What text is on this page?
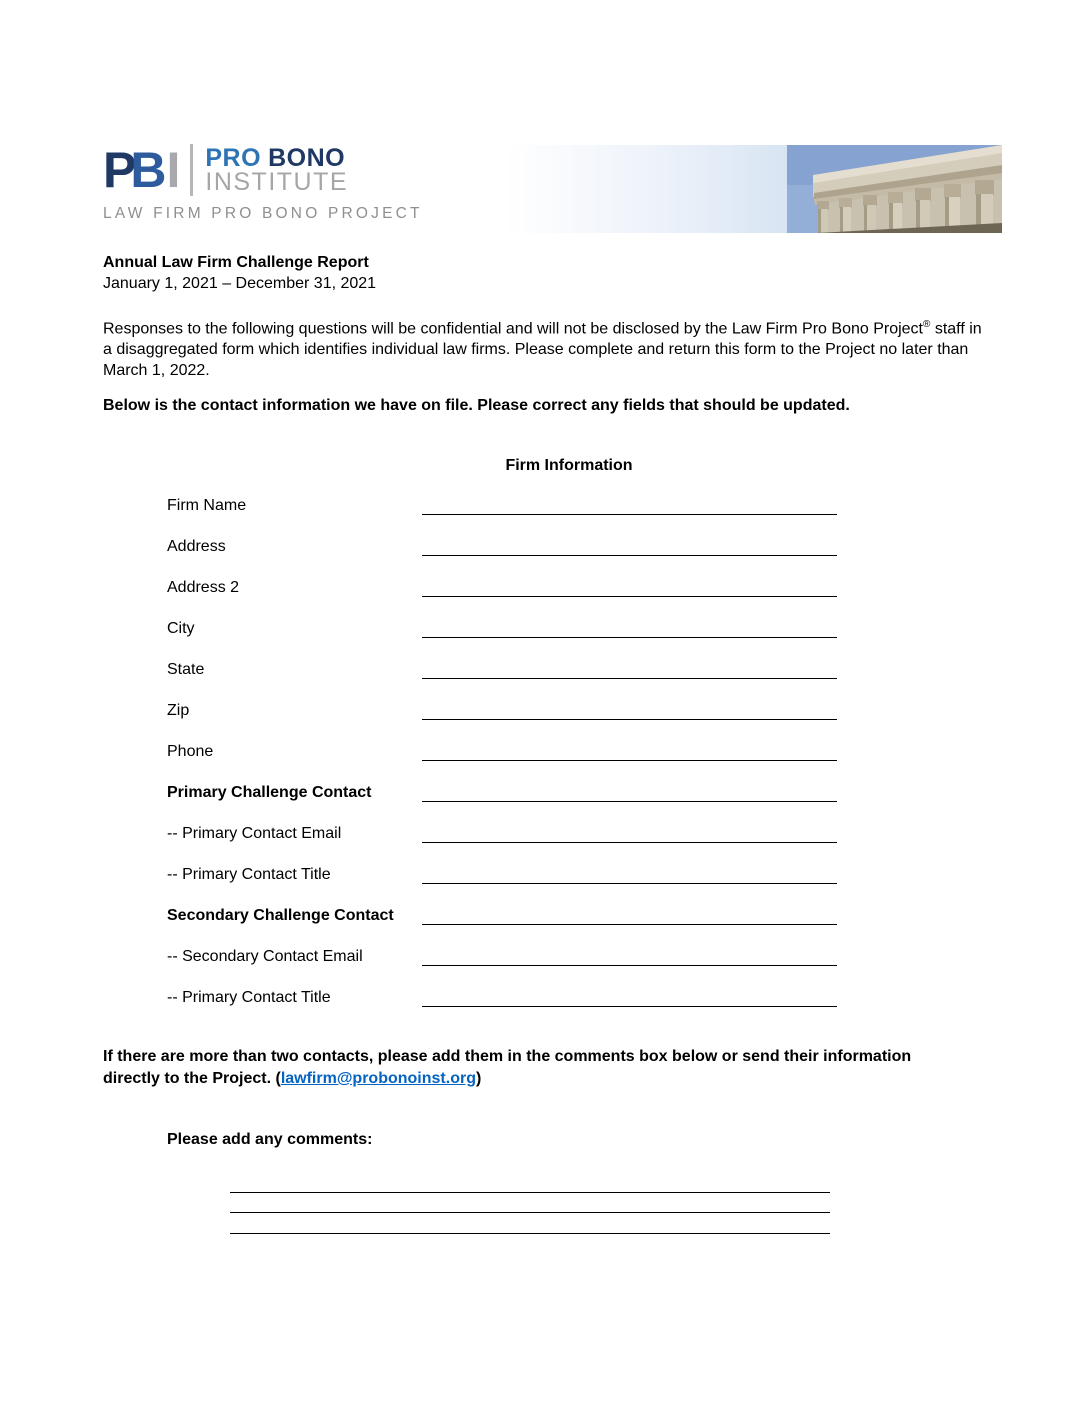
PBI PRO BONO
INSTITUTE
LAW FIRM PRO BONO PROJECT
Annual Law Firm Challenge Report
January 1, 2021 – December 31, 2021
Responses to the following questions will be confidential and will not be disclosed by the Law Firm Pro Bono Project® staff in a disaggregated form which identifies individual law firms. Please complete and return this form to the Project no later than March 1, 2022.
Below is the contact information we have on file. Please correct any fields that should be updated.
Firm Information
Firm Name
Address
Address 2
City
State
Zip
Phone
Primary Challenge Contact
-- Primary Contact Email
-- Primary Contact Title
Secondary Challenge Contact
-- Secondary Contact Email
-- Primary Contact Title
If there are more than two contacts, please add them in the comments box below or send their information directly to the Project. (lawfirm@probonoinst.org)
Please add any comments:
